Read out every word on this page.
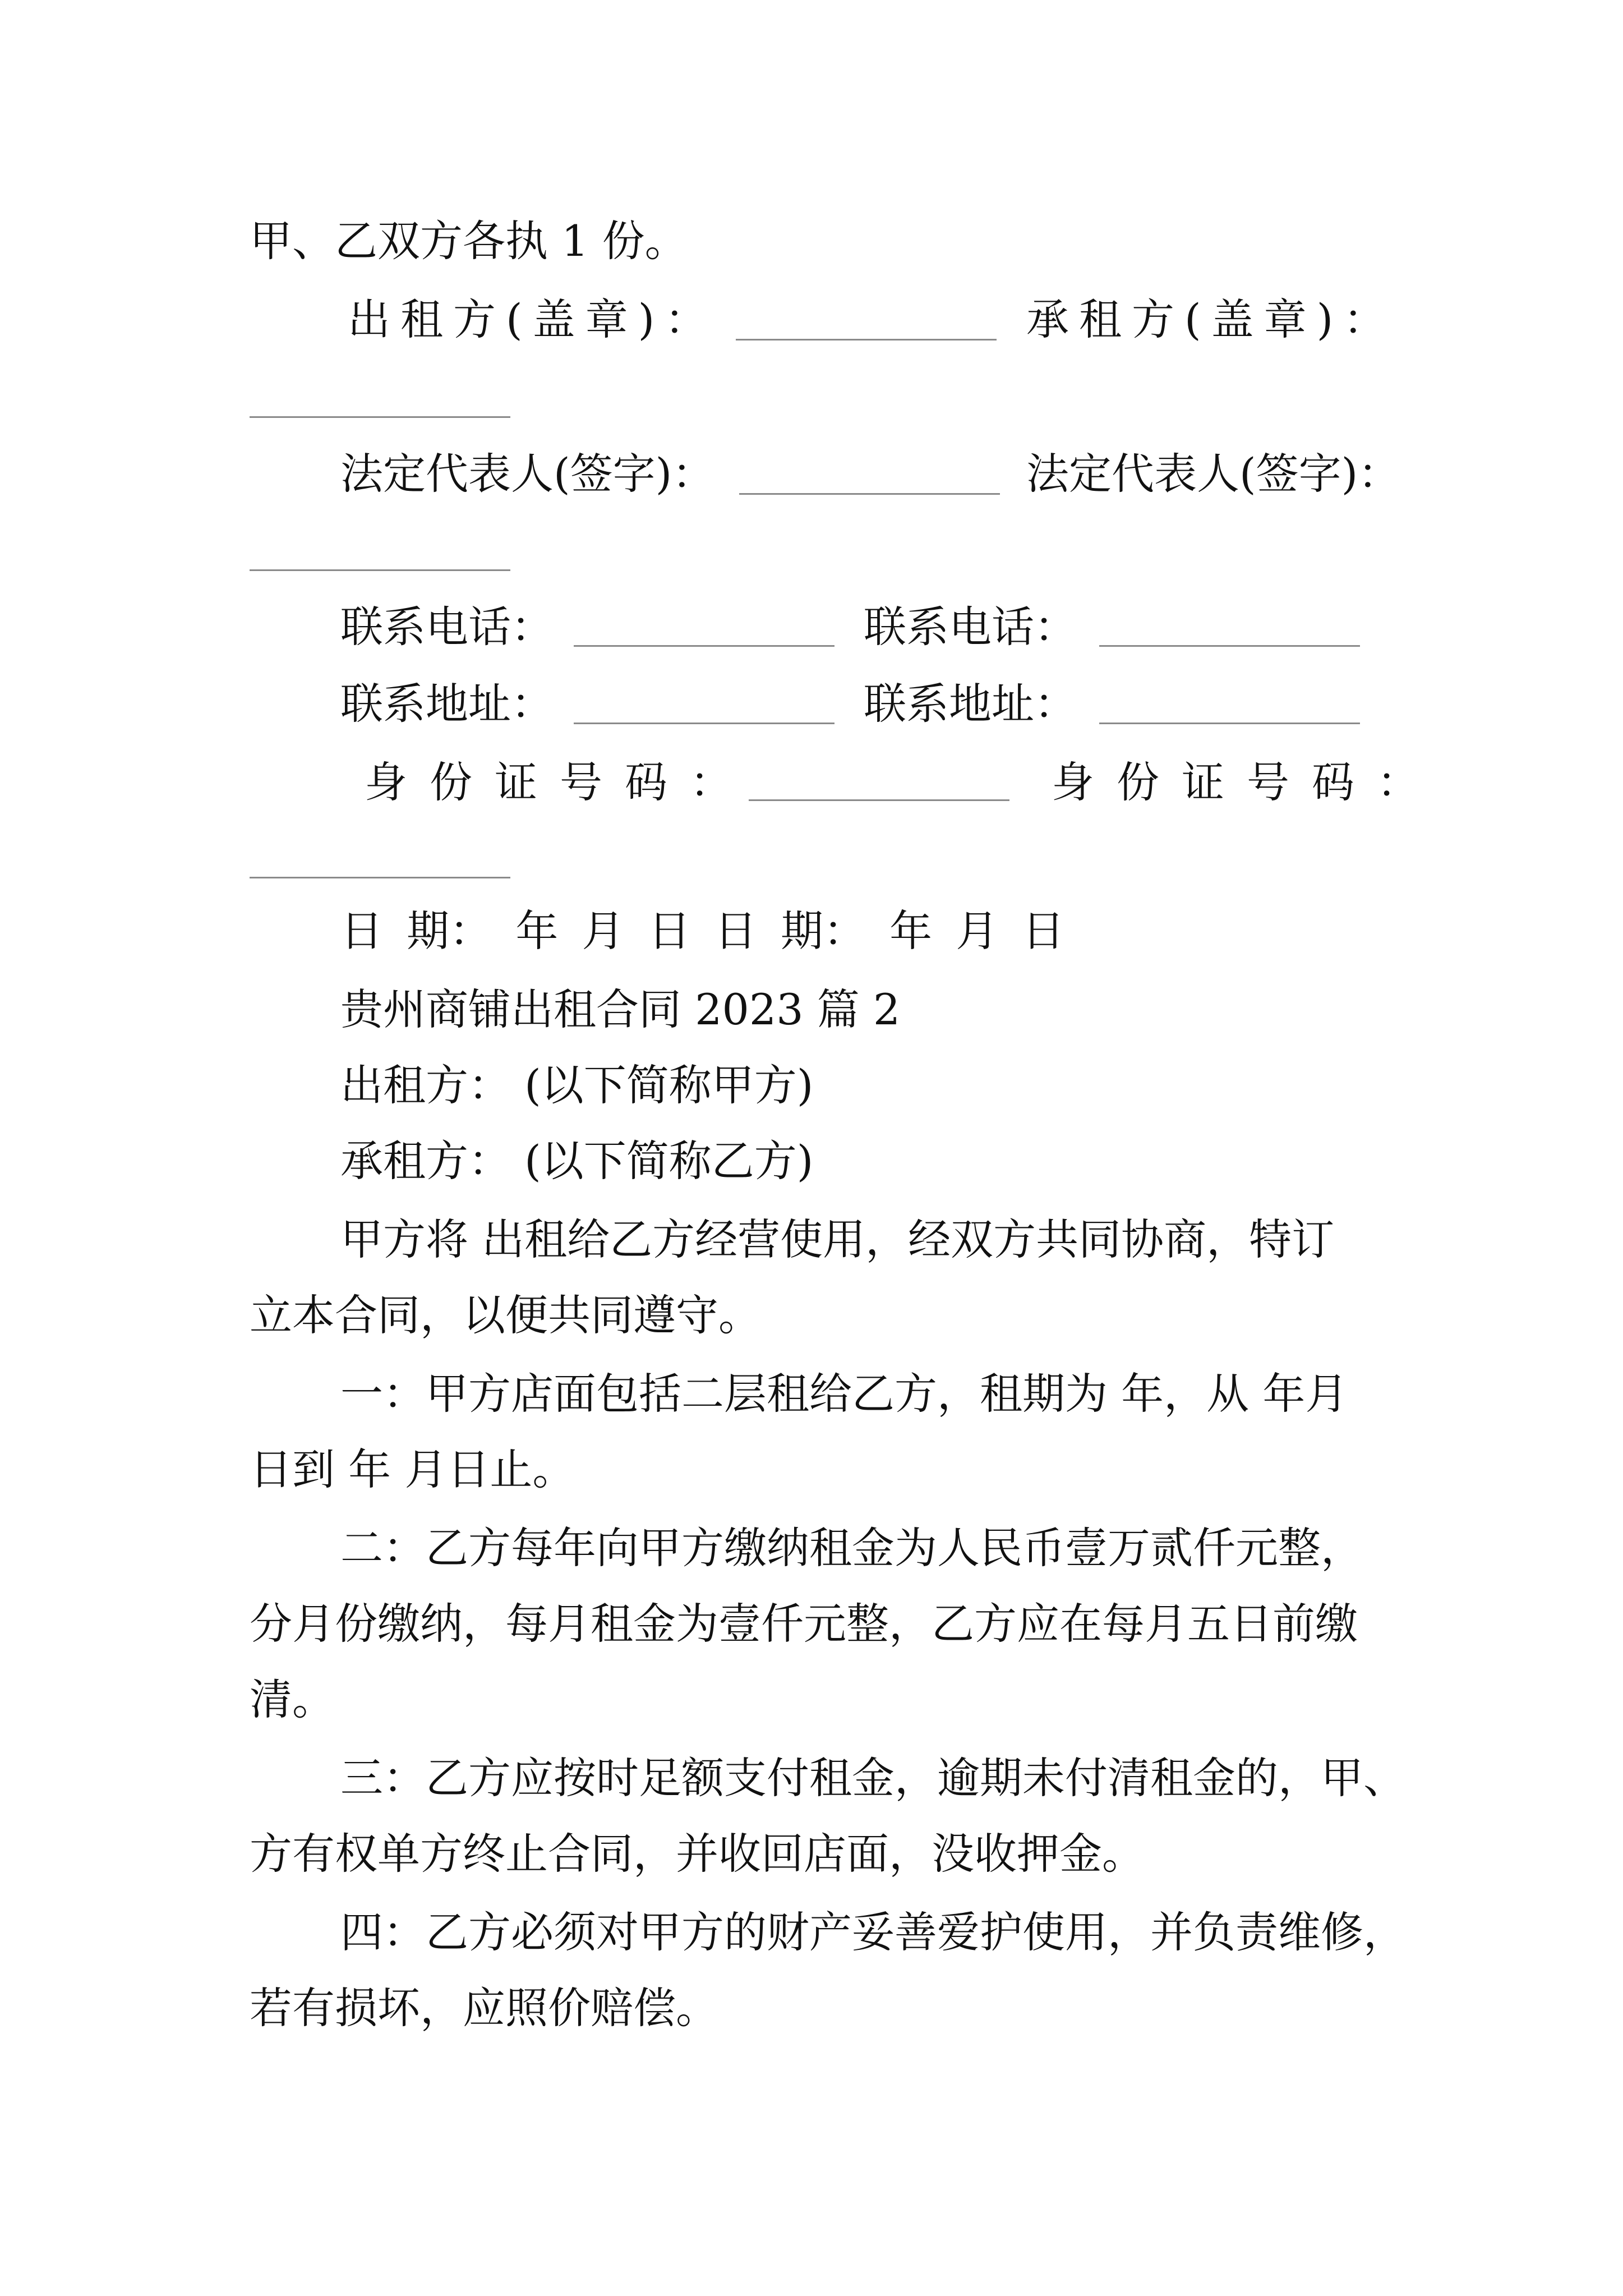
甲、乙双方各执 1 份。
出租方(盖章)：	承租方(盖章)：
法定代表人(签字)：	法定代表人(签字)：
联系电话：	联系电话：
联系地址：	联系地址：
身份证号码：	身份证号码：
日 期： 年 月 日 日 期： 年 月 日
贵州商铺出租合同 2023 篇 2
出租方： (以下简称甲方)
承租方： (以下简称乙方)
甲方将 出租给乙方经营使用，经双方共同协商，特订
立本合同，以便共同遵守。
一：甲方店面包括二层租给乙方，租期为 年，从 年月
日到 年 月日止。
二：乙方每年向甲方缴纳租金为人民币壹万贰仟元整，
分月份缴纳，每月租金为壹仟元整，乙方应在每月五日前缴
清。
三：乙方应按时足额支付租金，逾期未付清租金的，甲、
方有权单方终止合同，并收回店面，没收押金。
四：乙方必须对甲方的财产妥善爱护使用，并负责维修，
若有损坏，应照价赔偿。
